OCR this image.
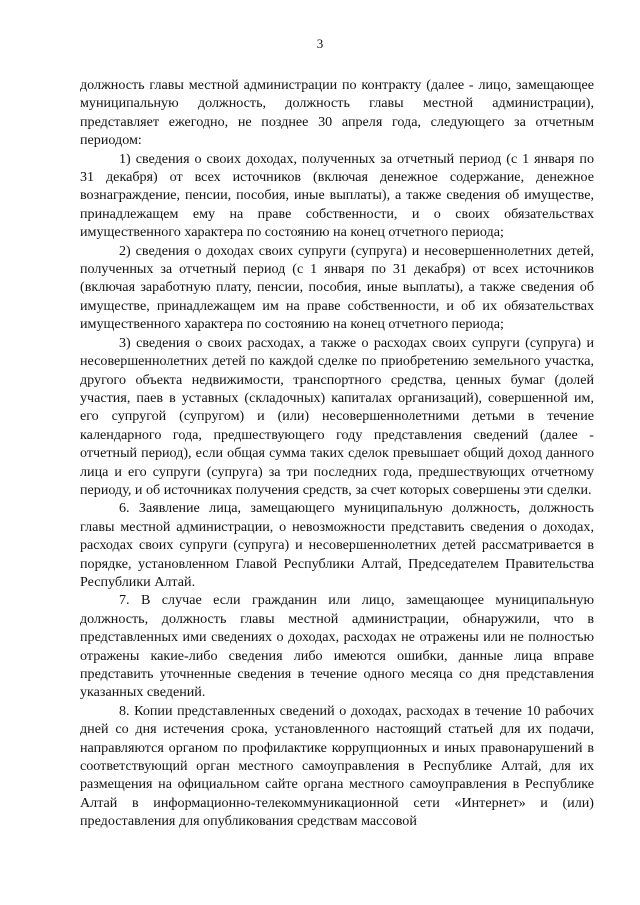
3

должность главы местной администрации по контракту (далее - лицо, замещающее муниципальную должность, должность главы местной администрации), представляет ежегодно, не позднее 30 апреля года, следующего за отчетным периодом:

1) сведения о своих доходах, полученных за отчетный период (с 1 января по 31 декабря) от всех источников (включая денежное содержание, денежное вознаграждение, пенсии, пособия, иные выплаты), а также сведения об имуществе, принадлежащем ему на праве собственности, и о своих обязательствах имущественного характера по состоянию на конец отчетного периода;

2) сведения о доходах своих супруги (супруга) и несовершеннолетних детей, полученных за отчетный период (с 1 января по 31 декабря) от всех источников (включая заработную плату, пенсии, пособия, иные выплаты), а также сведения об имуществе, принадлежащем им на праве собственности, и об их обязательствах имущественного характера по состоянию на конец отчетного периода;

3) сведения о своих расходах, а также о расходах своих супруги (супруга) и несовершеннолетних детей по каждой сделке по приобретению земельного участка, другого объекта недвижимости, транспортного средства, ценных бумаг (долей участия, паев в уставных (складочных) капиталах организаций), совершенной им, его супругой (супругом) и (или) несовершеннолетними детьми в течение календарного года, предшествующего году представления сведений (далее - отчетный период), если общая сумма таких сделок превышает общий доход данного лица и его супруги (супруга) за три последних года, предшествующих отчетному периоду, и об источниках получения средств, за счет которых совершены эти сделки.

6. Заявление лица, замещающего муниципальную должность, должность главы местной администрации, о невозможности представить сведения о доходах, расходах своих супруги (супруга) и несовершеннолетних детей рассматривается в порядке, установленном Главой Республики Алтай, Председателем Правительства Республики Алтай.

7. В случае если гражданин или лицо, замещающее муниципальную должность, должность главы местной администрации, обнаружили, что в представленных ими сведениях о доходах, расходах не отражены или не полностью отражены какие-либо сведения либо имеются ошибки, данные лица вправе представить уточненные сведения в течение одного месяца со дня представления указанных сведений.

8. Копии представленных сведений о доходах, расходах в течение 10 рабочих дней со дня истечения срока, установленного настоящий статьей для их подачи, направляются органом по профилактике коррупционных и иных правонарушений в соответствующий орган местного самоуправления в Республике Алтай, для их размещения на официальном сайте органа местного самоуправления в Республике Алтай в информационно-телекоммуникационной сети «Интернет» и (или) предоставления для опубликования средствам массовой
